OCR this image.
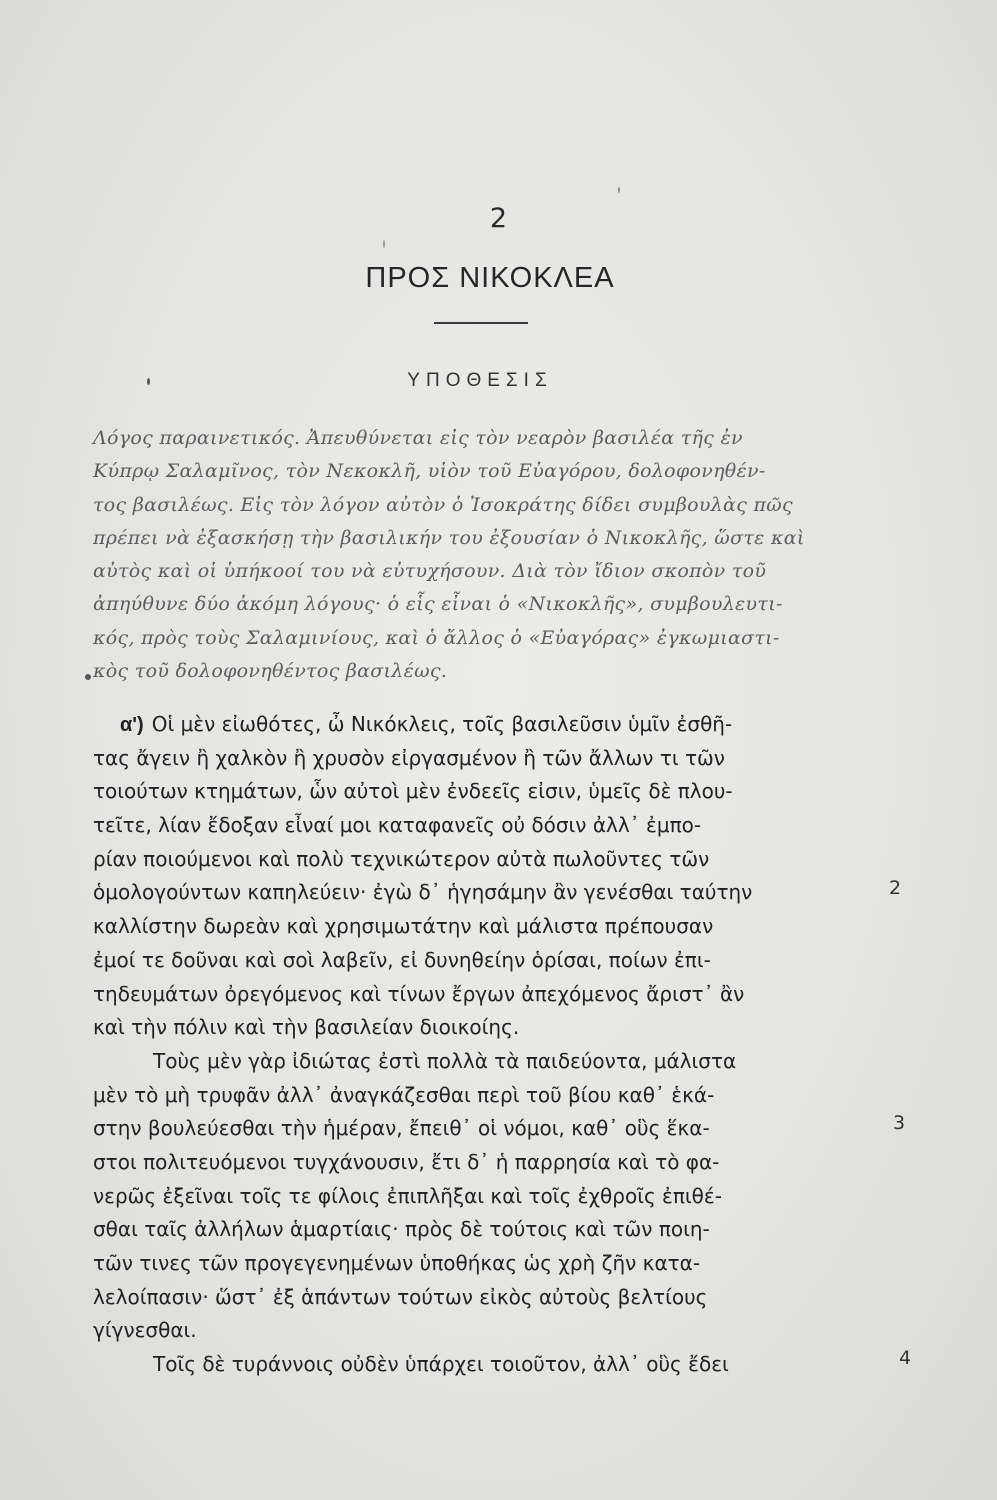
2
ΠΡΟΣ ΝΙΚΟΚΛΕΑ
ΥΠΟΘΕΣΙΣ
Λόγος παραινετικός. Ἀπευθύνεται εἰς τὸν νεαρὸν βασιλέα τῆς ἐν
Κύπρῳ Σαλαμῖνος, τὸν Νεκοκλῆ, υἱὸν τοῦ Εὐαγόρου, δολοφονηθέν-
τος βασιλέως. Εἰς τὸν λόγον αὐτὸν ὁ Ἰσοκράτης δίδει συμβουλὰς πῶς
πρέπει νὰ ἐξασκήσῃ τὴν βασιλικήν του ἐξουσίαν ὁ Νικοκλῆς, ὥστε καὶ
αὐτὸς καὶ οἱ ὑπήκοοί του νὰ εὐτυχήσουν. Διὰ τὸν ἴδιον σκοπὸν τοῦ
ἀπηύθυνε δύο ἀκόμη λόγους· ὁ εἷς εἶναι ὁ «Νικοκλῆς», συμβουλευτι-
κός, πρὸς τοὺς Σαλαμινίους, καὶ ὁ ἄλλος ὁ «Εὐαγόρας» ἐγκωμιαστι-
κὸς τοῦ δολοφονηθέντος βασιλέως.
α') Οἱ μὲν εἰωθότες, ὦ Νικόκλεις, τοῖς βασιλεῦσιν ὑμῖν ἐσθῆ-
τας ἄγειν ἢ χαλκὸν ἢ χρυσὸν εἰργασμένον ἢ τῶν ἄλλων τι τῶν
τοιούτων κτημάτων, ὧν αὐτοὶ μὲν ἐνδεεῖς εἰσιν, ὑμεῖς δὲ πλου-
τεῖτε, λίαν ἔδοξαν εἶναί μοι καταφανεῖς οὐ δόσιν ἀλλ᾽ ἐμπο-
ρίαν ποιούμενοι καὶ πολὺ τεχνικώτερον αὐτὰ πωλοῦντες τῶν
ὁμολογούντων καπηλεύειν· ἐγὼ δ᾽ ἡγησάμην ἂν γενέσθαι ταύτην
καλλίστην δωρεὰν καὶ χρησιμωτάτην καὶ μάλιστα πρέπουσαν
ἐμοί τε δοῦναι καὶ σοὶ λαβεῖν, εἰ δυνηθείην ὁρίσαι, ποίων ἐπι-
τηδευμάτων ὀρεγόμενος καὶ τίνων ἔργων ἀπεχόμενος ἄριστ᾽ ἂν
καὶ τὴν πόλιν καὶ τὴν βασιλείαν διοικοίης.
Τοὺς μὲν γὰρ ἰδιώτας ἐστὶ πολλὰ τὰ παιδεύοντα, μάλιστα
μὲν τὸ μὴ τρυφᾶν ἀλλ᾽ ἀναγκάζεσθαι περὶ τοῦ βίου καθ᾽ ἑκά-
στην βουλεύεσθαι τὴν ἡμέραν, ἔπειθ᾽ οἱ νόμοι, καθ᾽ οὓς ἕκα-
στοι πολιτευόμενοι τυγχάνουσιν, ἔτι δ᾽ ἡ παρρησία καὶ τὸ φα-
νερῶς ἐξεῖναι τοῖς τε φίλοις ἐπιπλῆξαι καὶ τοῖς ἐχθροῖς ἐπιθέ-
σθαι ταῖς ἀλλήλων ἁμαρτίαις· πρὸς δὲ τούτοις καὶ τῶν ποιη-
τῶν τινες τῶν προγεγενημένων ὑποθήκας ὡς χρὴ ζῆν κατα-
λελοίπασιν· ὥστ᾽ ἐξ ἁπάντων τούτων εἰκὸς αὐτοὺς βελτίους
γίγνεσθαι.
Τοῖς δὲ τυράννοις οὐδὲν ὑπάρχει τοιοῦτον, ἀλλ᾽ οὓς ἔδει
2
3
4
